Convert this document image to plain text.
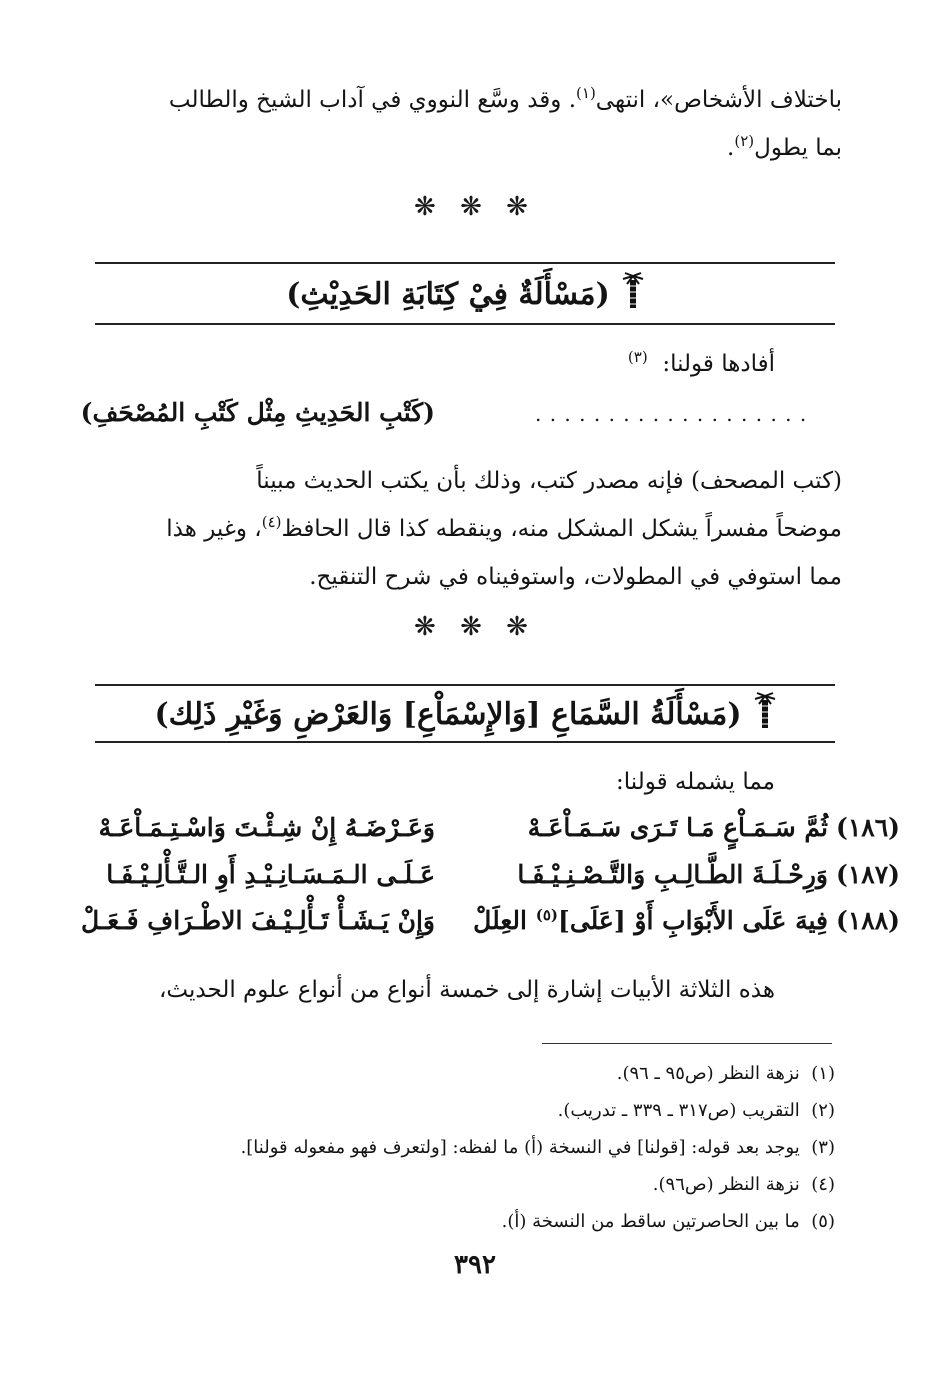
باختلاف الأشخاص»، انتهى$^{(١)}$. وقد وسَّع النووي في آداب الشيخ والطالب
بما يطول$^{(٢)}$.
❋ ❋ ❋
(مَسْأَلَةٌ فِيْ كِتَابَةِ الحَدِيْثِ)
أفادها قولنا:  $^{(٣)}$
. . . . . . . . . . . . . . . . . . .
(كَتْبِ الحَدِيثِ مِثْل كَتْبِ المُصْحَفِ)
(كتب المصحف) فإنه مصدر كتب، وذلك بأن يكتب الحديث مبيناً
موضحاً مفسراً يشكل المشكل منه، وينقطه كذا قال الحافظ$^{(٤)}$، وغير هذا
مما استوفي في المطولات، واستوفيناه في شرح التنقيح.
❋ ❋ ❋
(مَسْأَلَةُ السَّمَاعِ [وَالإِسْمَاْعِ] وَالعَرْضِ وَغَيْرِ ذَلِك)
مما يشمله قولنا:
(١٨٦)
ثُمَّ سَـمَـاْعٍ مَـا تَـرَى سَـمَـاْعَـهْ
وَعَـرْضَـهُ إِنْ شِـئْـتَ وَاسْـتِـمَـاْعَـهْ
(١٨٧)
وَرِحْـلَـةَ الطَّـالِـبِ وَالتَّـصْـنِـيْـفَـا
عَـلَـى الـمَـسَـانِـيْـدِ أَوِ الـتَّـأْلِـيْـفَـا
(١٨٨)
فِيهَ عَلَى الأَبْوَابِ أَوْ [عَلَى]$^{(٥)}$ العِلَلْ
وَإِنْ يَـشَـأْ تَـأْلِـيْـفَ الاطْـرَافِ فَـعَـلْ
هذه الثلاثة الأبيات إشارة إلى خمسة أنواع من أنواع علوم الحديث،
(١)  نزهة النظر (ص٩٥ ـ ٩٦).
(٢)  التقريب (ص٣١٧ ـ ٣٣٩ ـ تدريب).
(٣)  يوجد بعد قوله: [قولنا] في النسخة (أ) ما لفظه: [ولتعرف فهو مفعوله قولنا].
(٤)  نزهة النظر (ص٩٦).
(٥)  ما بين الحاصرتين ساقط من النسخة (أ).
٣٩٢
